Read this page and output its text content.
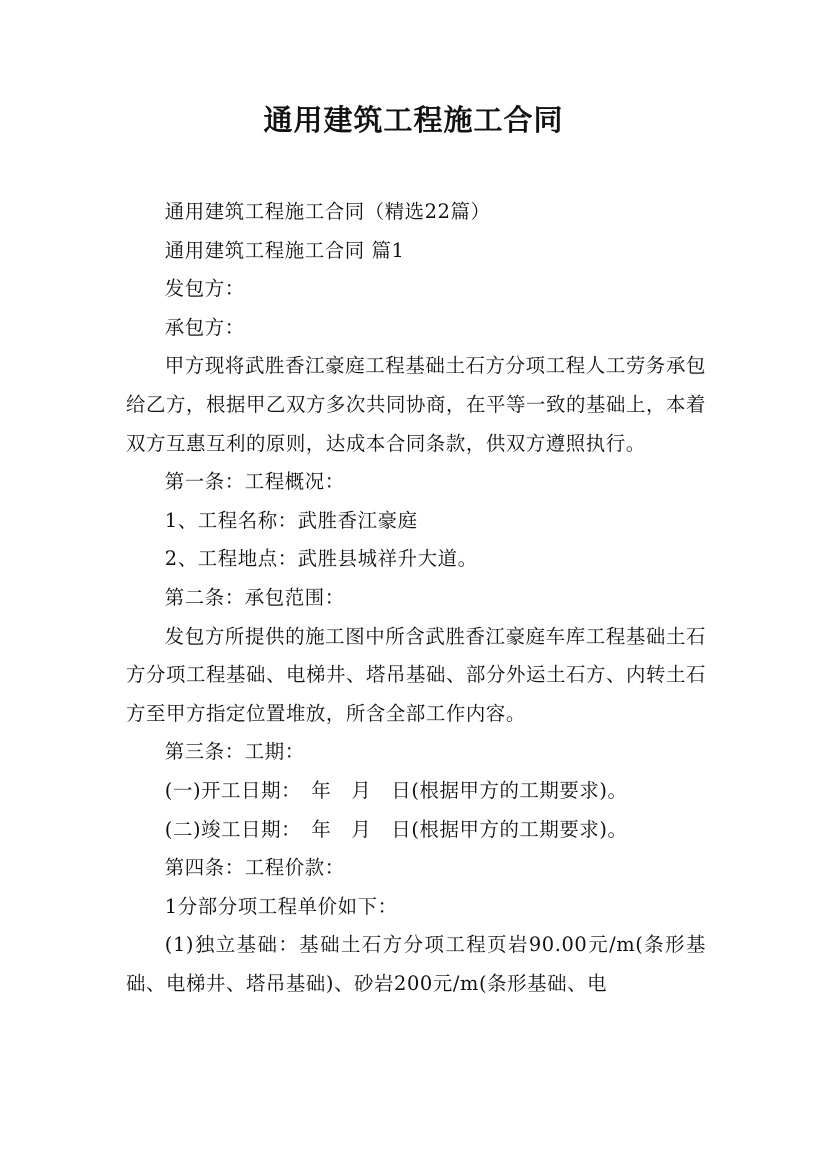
通用建筑工程施工合同

通用建筑工程施工合同（精选22篇）

通用建筑工程施工合同 篇1

发包方：

承包方：

甲方现将武胜香江豪庭工程基础土石方分项工程人工劳务承包给乙方，根据甲乙双方多次共同协商，在平等一致的基础上，本着双方互惠互利的原则，达成本合同条款，供双方遵照执行。

第一条：工程概况：

1、工程名称：武胜香江豪庭

2、工程地点：武胜县城祥升大道。

第二条：承包范围：

发包方所提供的施工图中所含武胜香江豪庭车库工程基础土石方分项工程基础、电梯井、塔吊基础、部分外运土石方、内转土石方至甲方指定位置堆放，所含全部工作内容。

第三条：工期：

(一)开工日期：　年　月　日(根据甲方的工期要求)。

(二)竣工日期：　年　月　日(根据甲方的工期要求)。

第四条：工程价款：

1分部分项工程单价如下：

(1)独立基础：基础土石方分项工程页岩90.00元/m(条形基础、电梯井、塔吊基础)、砂岩200元/m(条形基础、电
